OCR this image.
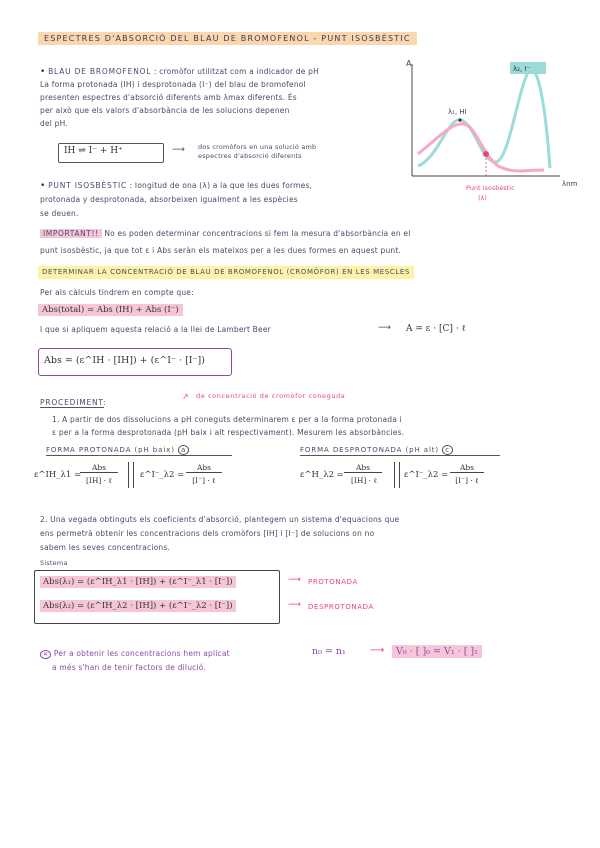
ESPECTRES D'ABSORCIÓ DEL BLAU DE BROMOFENOL - PUNT ISOSBÈSTIC
• BLAU DE BROMOFENOL : cromòfor utilitzat com a indicador de pH
La forma protonada (IH) i desprotonada (I⁻) del blau de bromofenol
presenten espectres d'absorció diferents amb λmax diferents. És
per això que els valors d'absorbància de les solucions depenen
del pH.
IH ⇌ I⁻ + H⁺	⟶ dos cromòfors en una solució amb
espectres d'absorció diferents
• PUNT ISOSBÈSTIC : longitud de ona (λ) a la que les dues formes,
protonada y desprotonada, absorbeixen igualment a les espècies
se deuen.
A
λnm
λ₁, HI
λ₂, I⁻
Punt isosbèstic
(λ)
IMPORTANT!! No es poden determinar concentracions si fem la mesura d'absorbància en el
punt isosbèstic, ja que tot ε i Abs seràn els mateixos per a les dues formes en aquest punt.
DETERMINAR LA CONCENTRACIÓ DE BLAU DE BROMOFENOL (CROMÒFOR) EN LES MESCLES
Per als càlculs tindrem en compte que:
Abs(total) = Abs (IH) + Abs (I⁻)
I que si apliquem aquesta relació a la llei de Lambert Beer	⟶ A = ε · [C] · ℓ
Abs = (ε^IH · [IH]) + (ε^I⁻ · [I⁻])
PROCEDIMENT:
↗ de concentració de cromòfor coneguda
1. A partir de dos dissolucions a pH coneguts determinarem ε per a la forma protonada i
ε per a la forma desprotonada (pH baix i alt respectivament). Mesurem les absorbàncies.
FORMA PROTONADA (pH baix) a	FORMA DESPROTONADA (pH alt) c
ε^IH_λ1 =
Abs
[IH] · ℓ
ε^I⁻_λ2 =
Abs
[I⁻] · ℓ
ε^H_λ2 =
Abs
[IH] · ℓ
ε^I⁻_λ2 =
Abs
[I⁻] · ℓ
2. Una vegada obtinguts els coeficients d'absorció, plantegem un sistema d'equacions que
ens permetrà obtenir les concentracions dels cromòfors [IH] i [I⁻] de solucions on no
sabem les seves concentracions.
Sistema
Abs(λ₁) = (ε^IH_λ1 · [IH]) + (ε^I⁻_λ1 · [I⁻])
Abs(λ₂) = (ε^IH_λ2 · [IH]) + (ε^I⁻_λ2 · [I⁻])
⟶ PROTONADA
⟶ DESPROTONADA
✕ Per a obtenir les concentracions hem aplicat
a més s'han de tenir factors de dilució.
n₀ = n₁ ⟶	V₀ · [ ]₀ = V₁ · [ ]₁
